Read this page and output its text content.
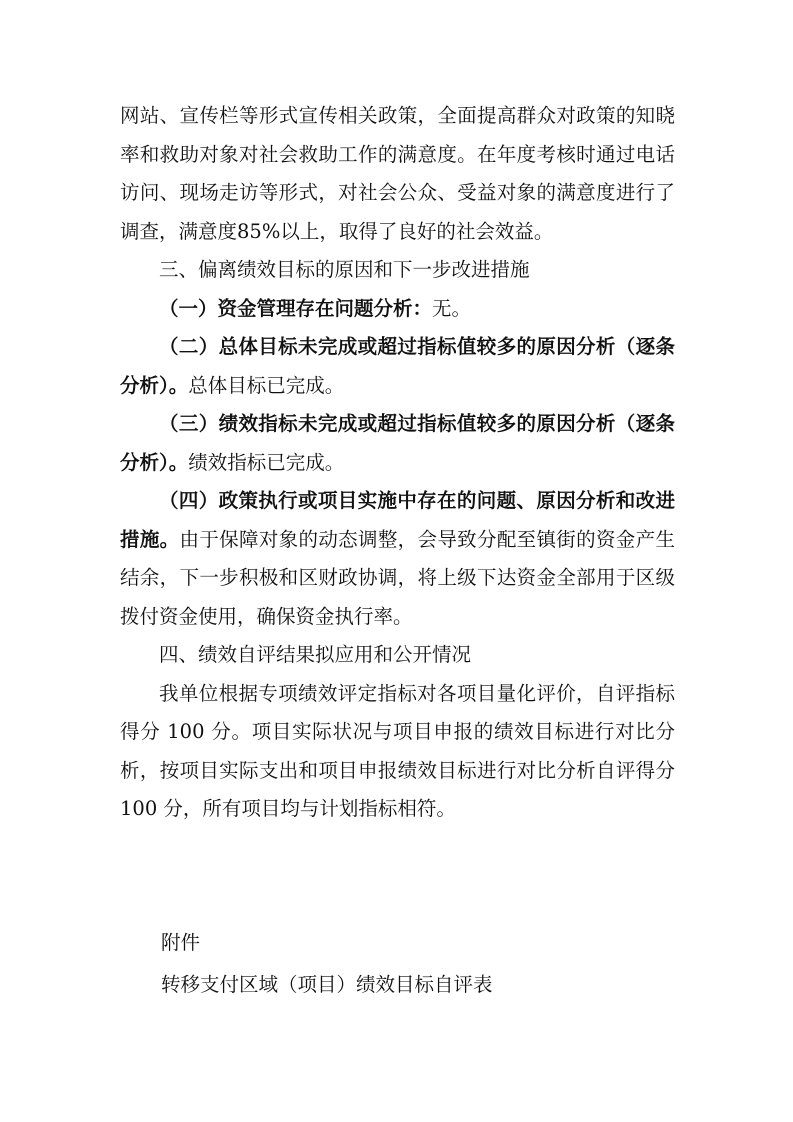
网站、宣传栏等形式宣传相关政策，全面提高群众对政策的知晓率和救助对象对社会救助工作的满意度。在年度考核时通过电话访问、现场走访等形式，对社会公众、受益对象的满意度进行了调查，满意度85%以上，取得了良好的社会效益。

三、偏离绩效目标的原因和下一步改进措施

（一）资金管理存在问题分析：无。

（二）总体目标未完成或超过指标值较多的原因分析（逐条分析）。总体目标已完成。

（三）绩效指标未完成或超过指标值较多的原因分析（逐条分析）。绩效指标已完成。

（四）政策执行或项目实施中存在的问题、原因分析和改进措施。由于保障对象的动态调整，会导致分配至镇街的资金产生结余，下一步积极和区财政协调，将上级下达资金全部用于区级拨付资金使用，确保资金执行率。

四、绩效自评结果拟应用和公开情况

我单位根据专项绩效评定指标对各项目量化评价，自评指标得分 100 分。项目实际状况与项目申报的绩效目标进行对比分析，按项目实际支出和项目申报绩效目标进行对比分析自评得分 100 分，所有项目均与计划指标相符。

附件

转移支付区域（项目）绩效目标自评表
